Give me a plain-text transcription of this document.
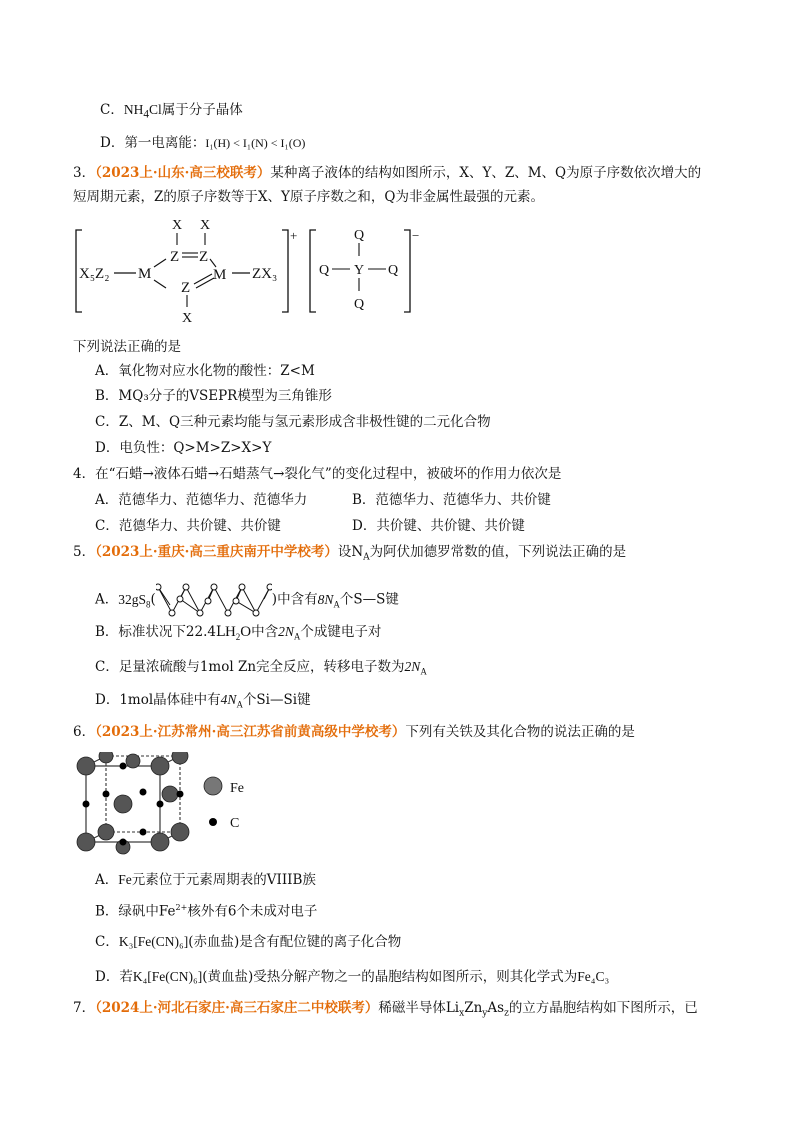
C．$NH_4Cl$属于分子晶体
D．第一电离能：I₁(H) < I₁(N) < I₁(O)
3．（2023上·山东·高三校联考）某种离子液体的结构如图所示，X、Y、Z、M、Q为原子序数依次增大的
短周期元素，Z的原子序数等于X、Y原子序数之和，Q为非金属性最强的元素。
+	−
X₅Z₂ M
X X
Z Z
M
Z
X
ZX₃
Q
Q Y Q
Q
下列说法正确的是
A．氧化物对应水化物的酸性：Z<M
B．MQ₃分子的VSEPR模型为三角锥形
C．Z、M、Q三种元素均能与氢元素形成含非极性键的二元化合物
D．电负性：Q>M>Z>X>Y
4．在“石蜡→液体石蜡→石蜡蒸气→裂化气”的变化过程中，被破坏的作用力依次是
A．范德华力、范德华力、范德华力	B．范德华力、范德华力、共价键
C．范德华力、共价键、共价键	D．共价键、共价键、共价键
5．（2023上·重庆·高三重庆南开中学校考）设$N_A$为阿伏加德罗常数的值，下列说法正确的是
A．$32gS_8$(	)中含有$8N_A$个S—S键
B．标准状况下$22.4LH_2O$中含$2N_A$个成键电子对
C．足量浓硫酸与1mol Zn完全反应，转移电子数为$2N_A$
D．1mol晶体硅中有$4N_A$个Si—Si键
6．（2023上·江苏常州·高三江苏省前黄高级中学校考）下列有关铁及其化合物的说法正确的是
Fe
C
A．Fe元素位于元素周期表的VIIIB族
B．绿矾中$Fe^{2+}$核外有6个未成对电子
C．K₃[Fe(CN)₆](赤血盐)是含有配位键的离子化合物
D．若K₄[Fe(CN)₆](黄血盐)受热分解产物之一的晶胞结构如图所示，则其化学式为Fe₄C₃
7．（2024上·河北石家庄·高三石家庄二中校联考）稀磁半导体$Li_xZn_yAs_z$的立方晶胞结构如下图所示，已
